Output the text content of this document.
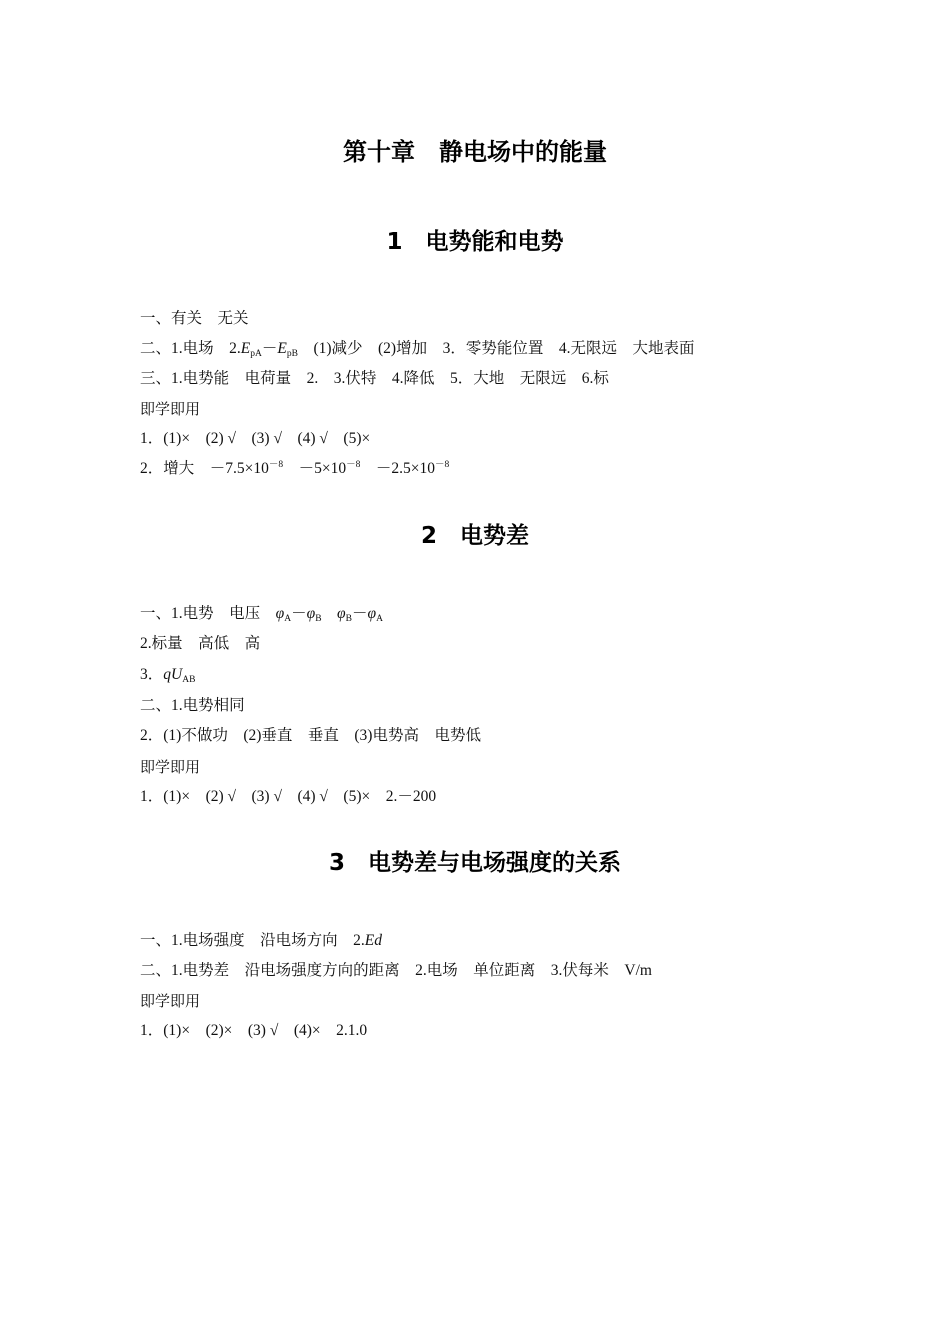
第十章　静电场中的能量
1　电势能和电势
一、有关　无关
二、1.电场　$2.E_{pA}-E_{pB}$　(1)减少　(2)增加　3．零势能位置　4.无限远　大地表面
三、1.电势能　电荷量　2.　3.伏特　4.降低　5．大地　无限远　6.标
即学即用
1．(1)×　(2) √　(3) √　(4) √　(5)×
2．增大　$-7.5\times 10^{-8}$　$-5\times 10^{-8}$　$-2.5\times 10^{-8}$
2　电势差
一、1.电势　电压　$\varphi_A-\varphi_B$　 $\varphi_B-\varphi_A$
2.标量　高低　高
3．$qU_{AB}$
二、1.电势相同
2．(1)不做功　(2)垂直　垂直　(3)电势高　电势低
即学即用
1．(1)×　(2) √　(3) √　(4) √　(5)×　2.－200
3　电势差与电场强度的关系
一、1.电场强度　沿电场方向　2.Ed
二、1.电势差　沿电场强度方向的距离　2.电场　单位距离　3.伏每米　V/m
即学即用
1．(1)×　(2)×　(3) √　(4)×　2.1.0
